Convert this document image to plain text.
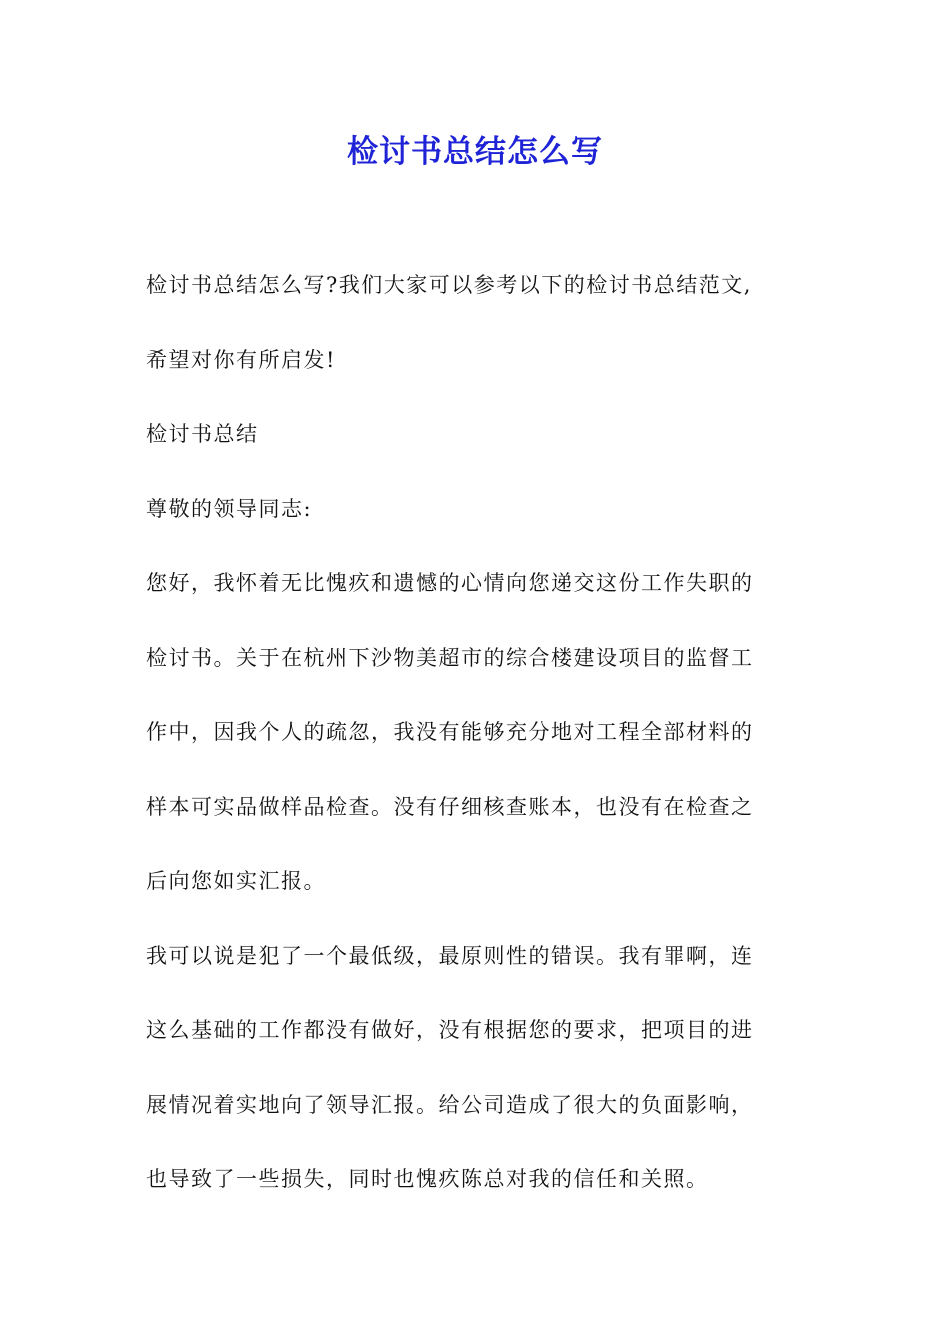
检讨书总结怎么写
检讨书总结怎么写?我们大家可以参考以下的检讨书总结范文,
希望对你有所启发!
检讨书总结
尊敬的领导同志:
您好，我怀着无比愧疚和遗憾的心情向您递交这份工作失职的
检讨书。关于在杭州下沙物美超市的综合楼建设项目的监督工
作中，因我个人的疏忽，我没有能够充分地对工程全部材料的
样本可实品做样品检查。没有仔细核查账本，也没有在检查之
后向您如实汇报。
我可以说是犯了一个最低级，最原则性的错误。我有罪啊，连
这么基础的工作都没有做好，没有根据您的要求，把项目的进
展情况着实地向了领导汇报。给公司造成了很大的负面影响，
也导致了一些损失，同时也愧疚陈总对我的信任和关照。
